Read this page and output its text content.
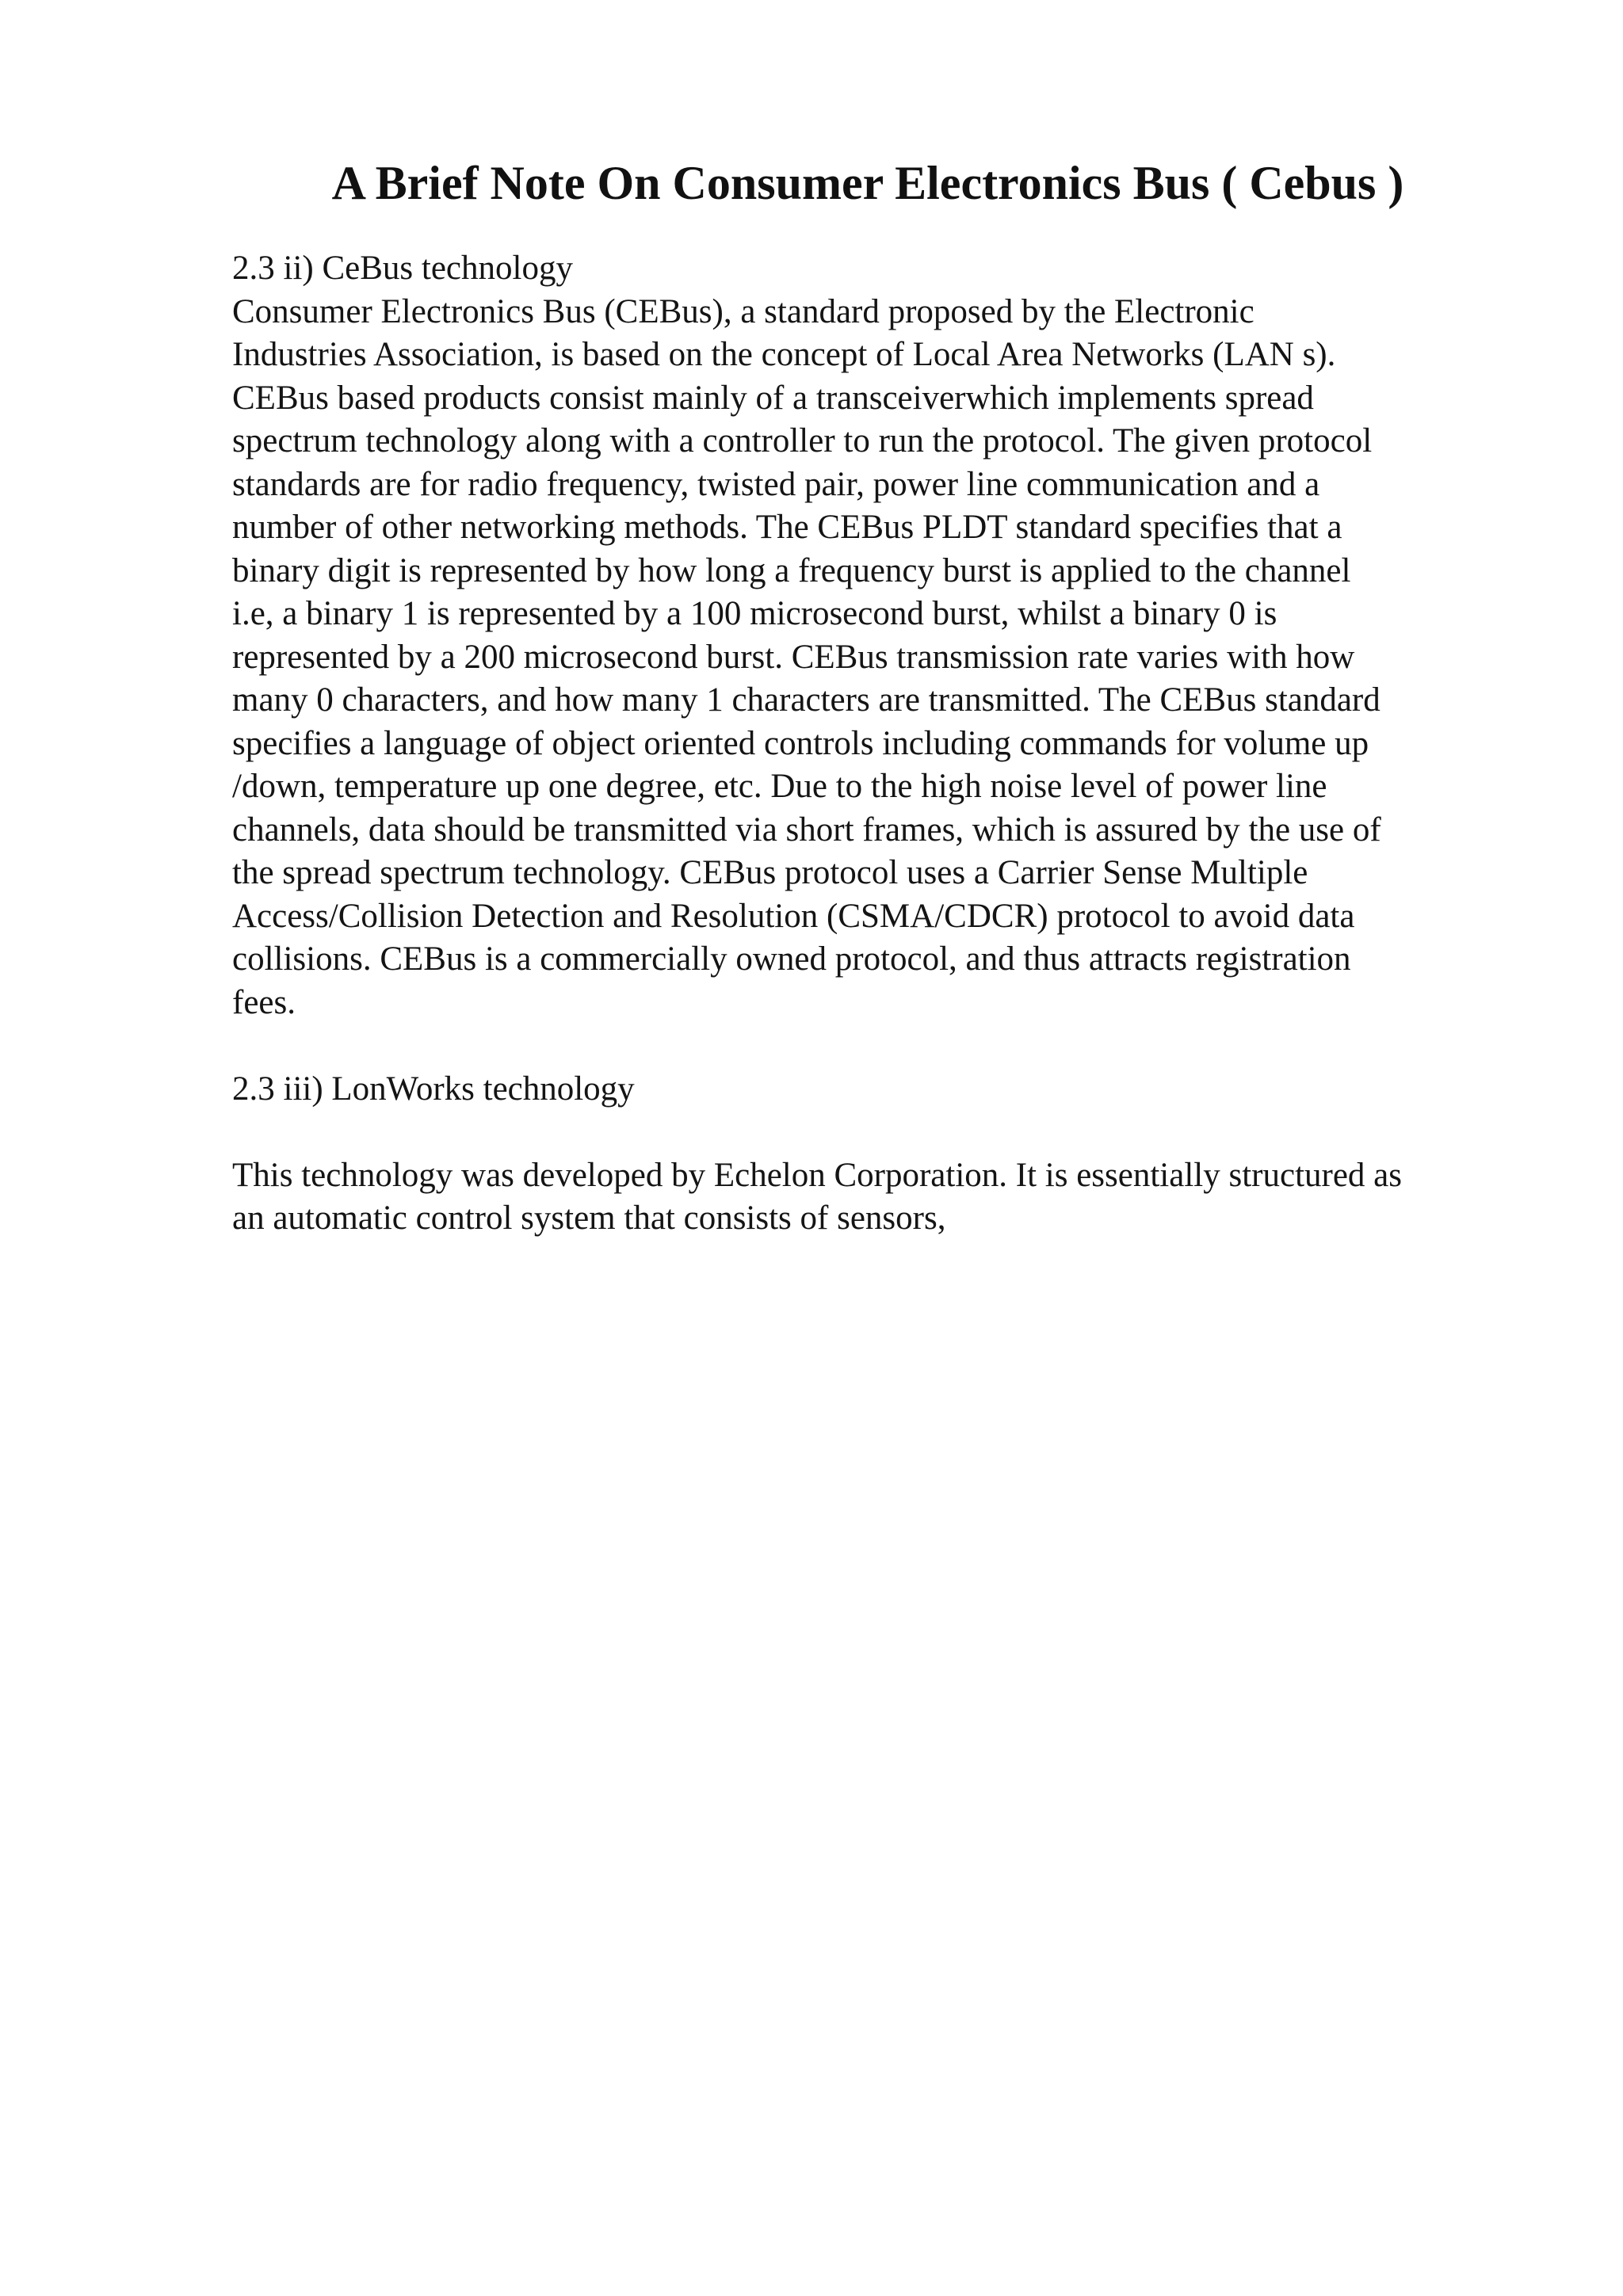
A Brief Note On Consumer Electronics Bus ( Cebus )
2.3 ii) CeBus technology
Consumer Electronics Bus (CEBus), a standard proposed by the Electronic
Industries Association, is based on the concept of Local Area Networks (LAN s).
CEBus based products consist mainly of a transceiverwhich implements spread
spectrum technology along with a controller to run the protocol. The given protocol
standards are for radio frequency, twisted pair, power line communication and a
number of other networking methods. The CEBus PLDT standard specifies that a
binary digit is represented by how long a frequency burst is applied to the channel
i.e, a binary 1 is represented by a 100 microsecond burst, whilst a binary 0 is
represented by a 200 microsecond burst. CEBus transmission rate varies with how
many 0 characters, and how many 1 characters are transmitted. The CEBus standard
specifies a language of object oriented controls including commands for volume up
/down, temperature up one degree, etc. Due to the high noise level of power line
channels, data should be transmitted via short frames, which is assured by the use of
the spread spectrum technology. CEBus protocol uses a Carrier Sense Multiple
Access/Collision Detection and Resolution (CSMA/CDCR) protocol to avoid data
collisions. CEBus is a commercially owned protocol, and thus attracts registration
fees.
2.3 iii) LonWorks technology
This technology was developed by Echelon Corporation. It is essentially structured as
an automatic control system that consists of sensors,
